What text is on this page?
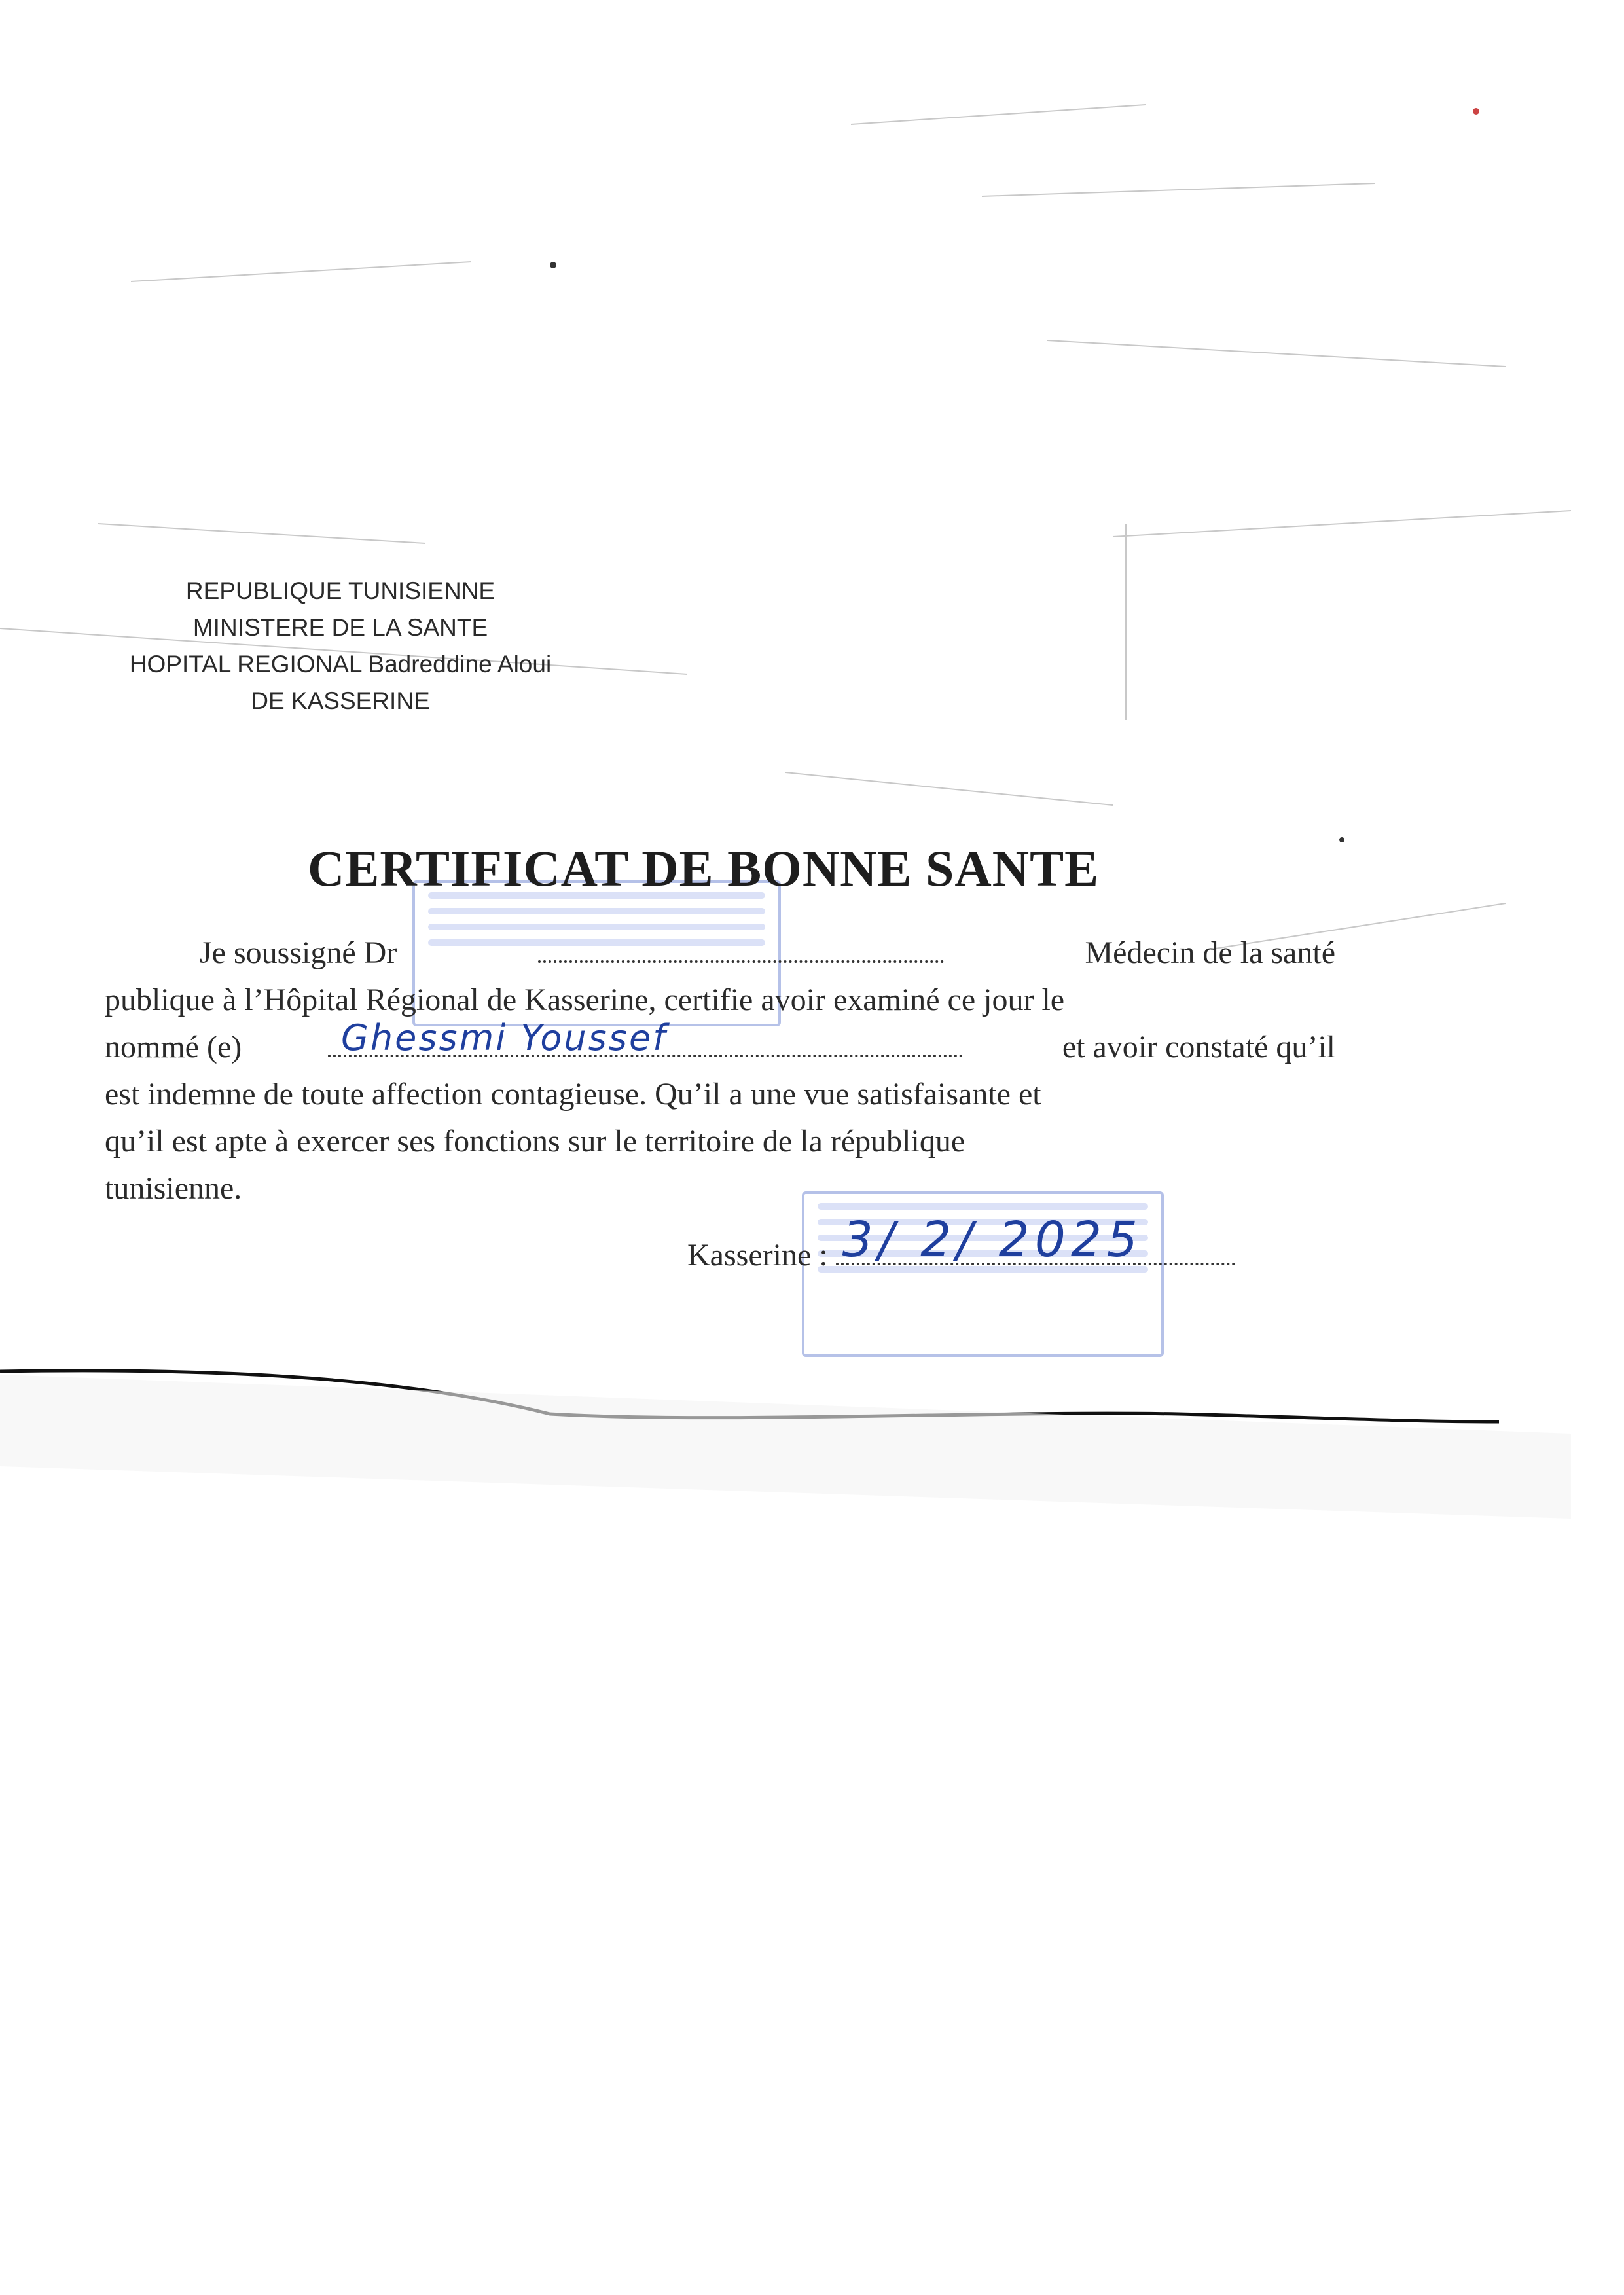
REPUBLIQUE TUNISIENNE
MINISTERE DE LA SANTE
HOPITAL REGIONAL Badreddine Aloui
DE KASSERINE
CERTIFICAT DE BONNE SANTE
Je soussigné Dr	Médecin de la santé
publique à l’Hôpital Régional de Kasserine, certifie avoir examiné ce jour le
nommé (e)	Ghessmi Youssef	et avoir constaté qu’il
est indemne de toute affection contagieuse. Qu’il a une vue satisfaisante et
qu’il est apte à exercer ses fonctions sur le territoire de la république
tunisienne.
Kasserine : 3/ 2/ 2025
